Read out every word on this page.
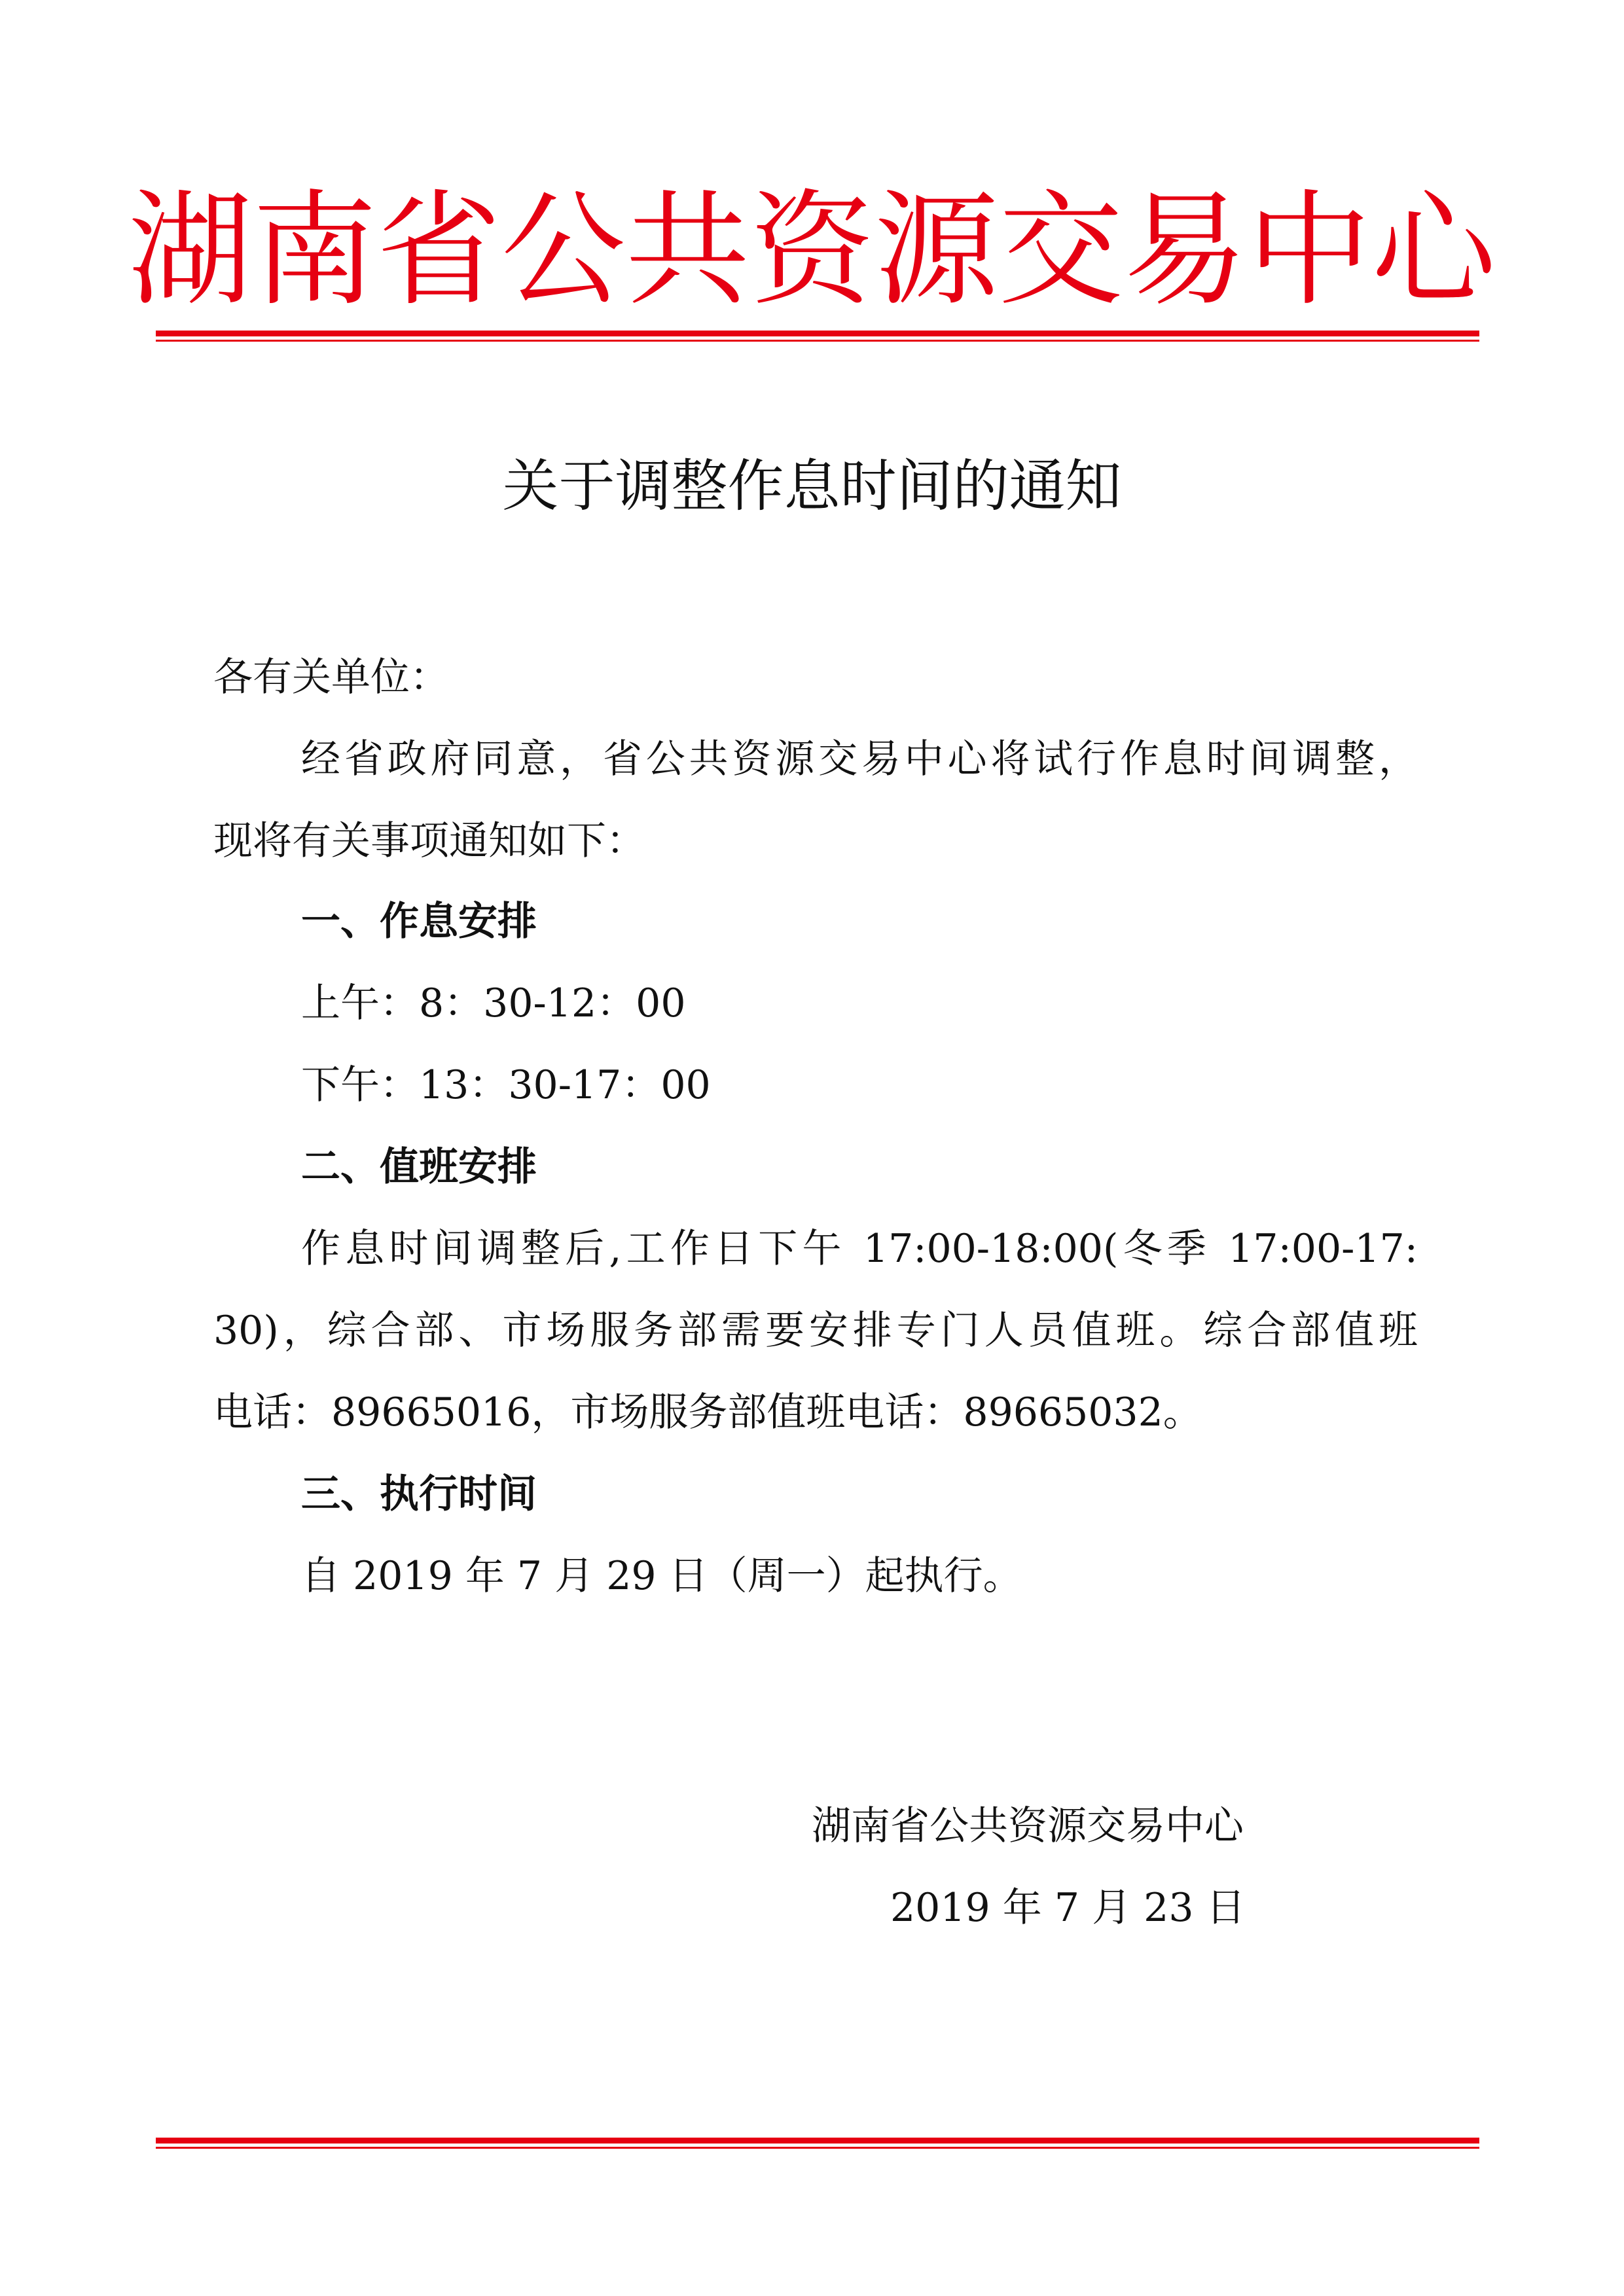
湖南省公共资源交易中心
关于调整作息时间的通知
各有关单位：
经省政府同意，省公共资源交易中心将试行作息时间调整，
现将有关事项通知如下：
一、作息安排
上午：8：30-12：00
下午：13：30-17：00
二、值班安排
作息时间调整后,工作日下午 17:00-18:00(冬季 17:00-17:
30)，综合部、市场服务部需要安排专门人员值班。综合部值班
电话：89665016，市场服务部值班电话：89665032。
三、执行时间
自 2019 年 7 月 29 日（周一）起执行。
湖南省公共资源交易中心
2019 年 7 月 23 日
